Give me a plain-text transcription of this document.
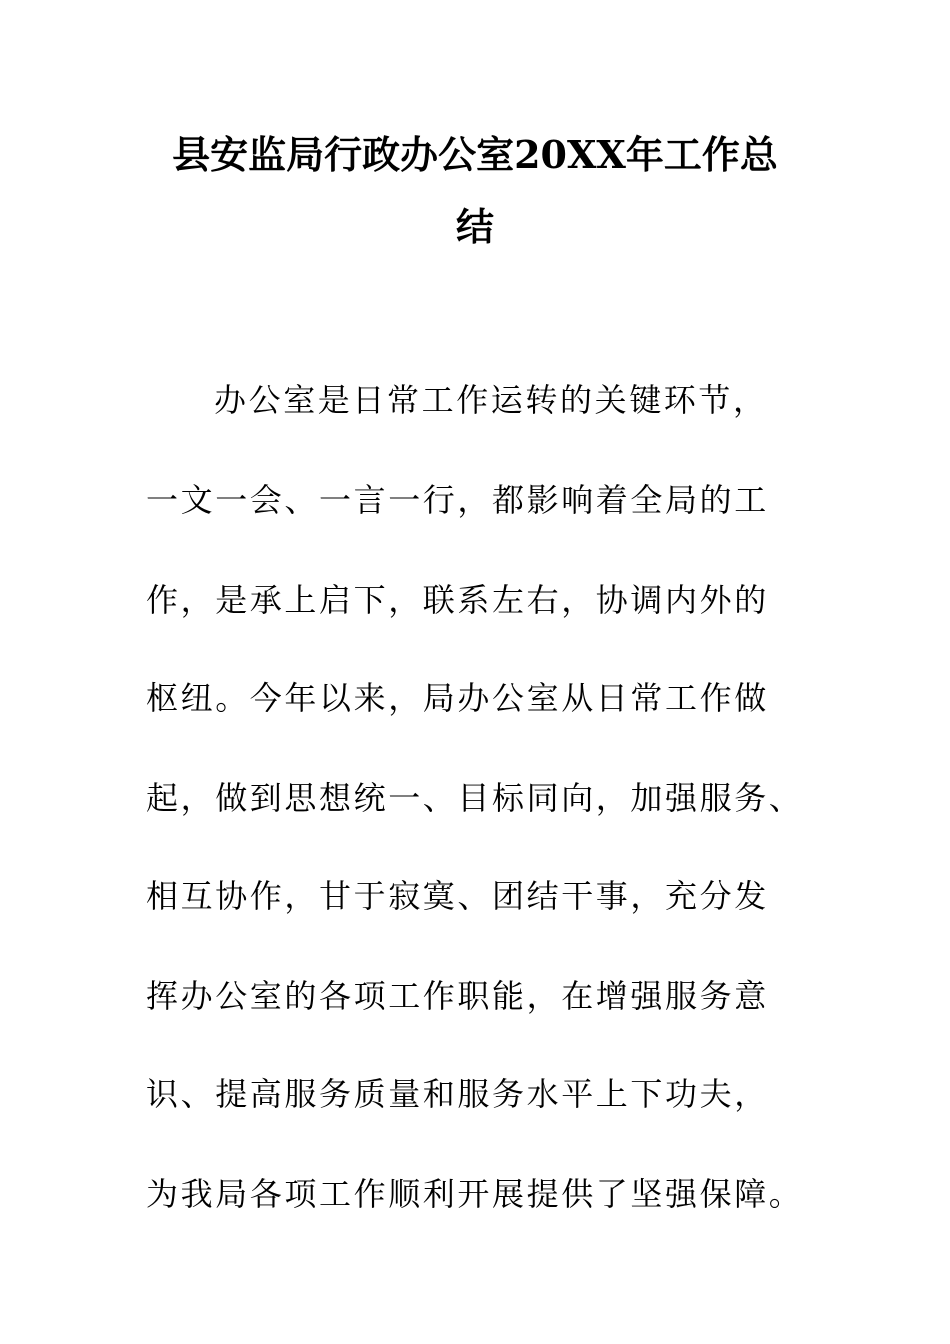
县安监局行政办公室20XX年工作总
结
办公室是日常工作运转的关键环节，
一文一会、一言一行，都影响着全局的工
作，是承上启下，联系左右，协调内外的
枢纽。今年以来，局办公室从日常工作做
起，做到思想统一、目标同向，加强服务、
相互协作，甘于寂寞、团结干事，充分发
挥办公室的各项工作职能，在增强服务意
识、提高服务质量和服务水平上下功夫，
为我局各项工作顺利开展提供了坚强保障。
